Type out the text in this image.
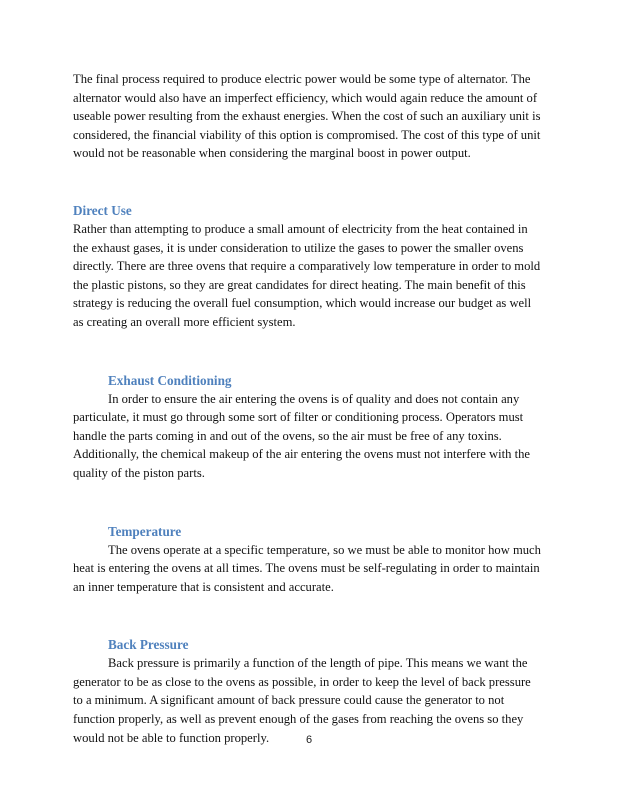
The final process required to produce electric power would be some type of alternator. The alternator would also have an imperfect efficiency, which would again reduce the amount of useable power resulting from the exhaust energies. When the cost of such an auxiliary unit is considered, the financial viability of this option is compromised. The cost of this type of unit would not be reasonable when considering the marginal boost in power output.

Direct Use

Rather than attempting to produce a small amount of electricity from the heat contained in the exhaust gases, it is under consideration to utilize the gases to power the smaller ovens directly. There are three ovens that require a comparatively low temperature in order to mold the plastic pistons, so they are great candidates for direct heating. The main benefit of this strategy is reducing the overall fuel consumption, which would increase our budget as well as creating an overall more efficient system.

Exhaust Conditioning

In order to ensure the air entering the ovens is of quality and does not contain any particulate, it must go through some sort of filter or conditioning process. Operators must handle the parts coming in and out of the ovens, so the air must be free of any toxins. Additionally, the chemical makeup of the air entering the ovens must not interfere with the quality of the piston parts.

Temperature

The ovens operate at a specific temperature, so we must be able to monitor how much heat is entering the ovens at all times. The ovens must be self-regulating in order to maintain an inner temperature that is consistent and accurate.

Back Pressure

Back pressure is primarily a function of the length of pipe. This means we want the generator to be as close to the ovens as possible, in order to keep the level of back pressure to a minimum. A significant amount of back pressure could cause the generator to not function properly, as well as prevent enough of the gases from reaching the ovens so they would not be able to function properly.	6
